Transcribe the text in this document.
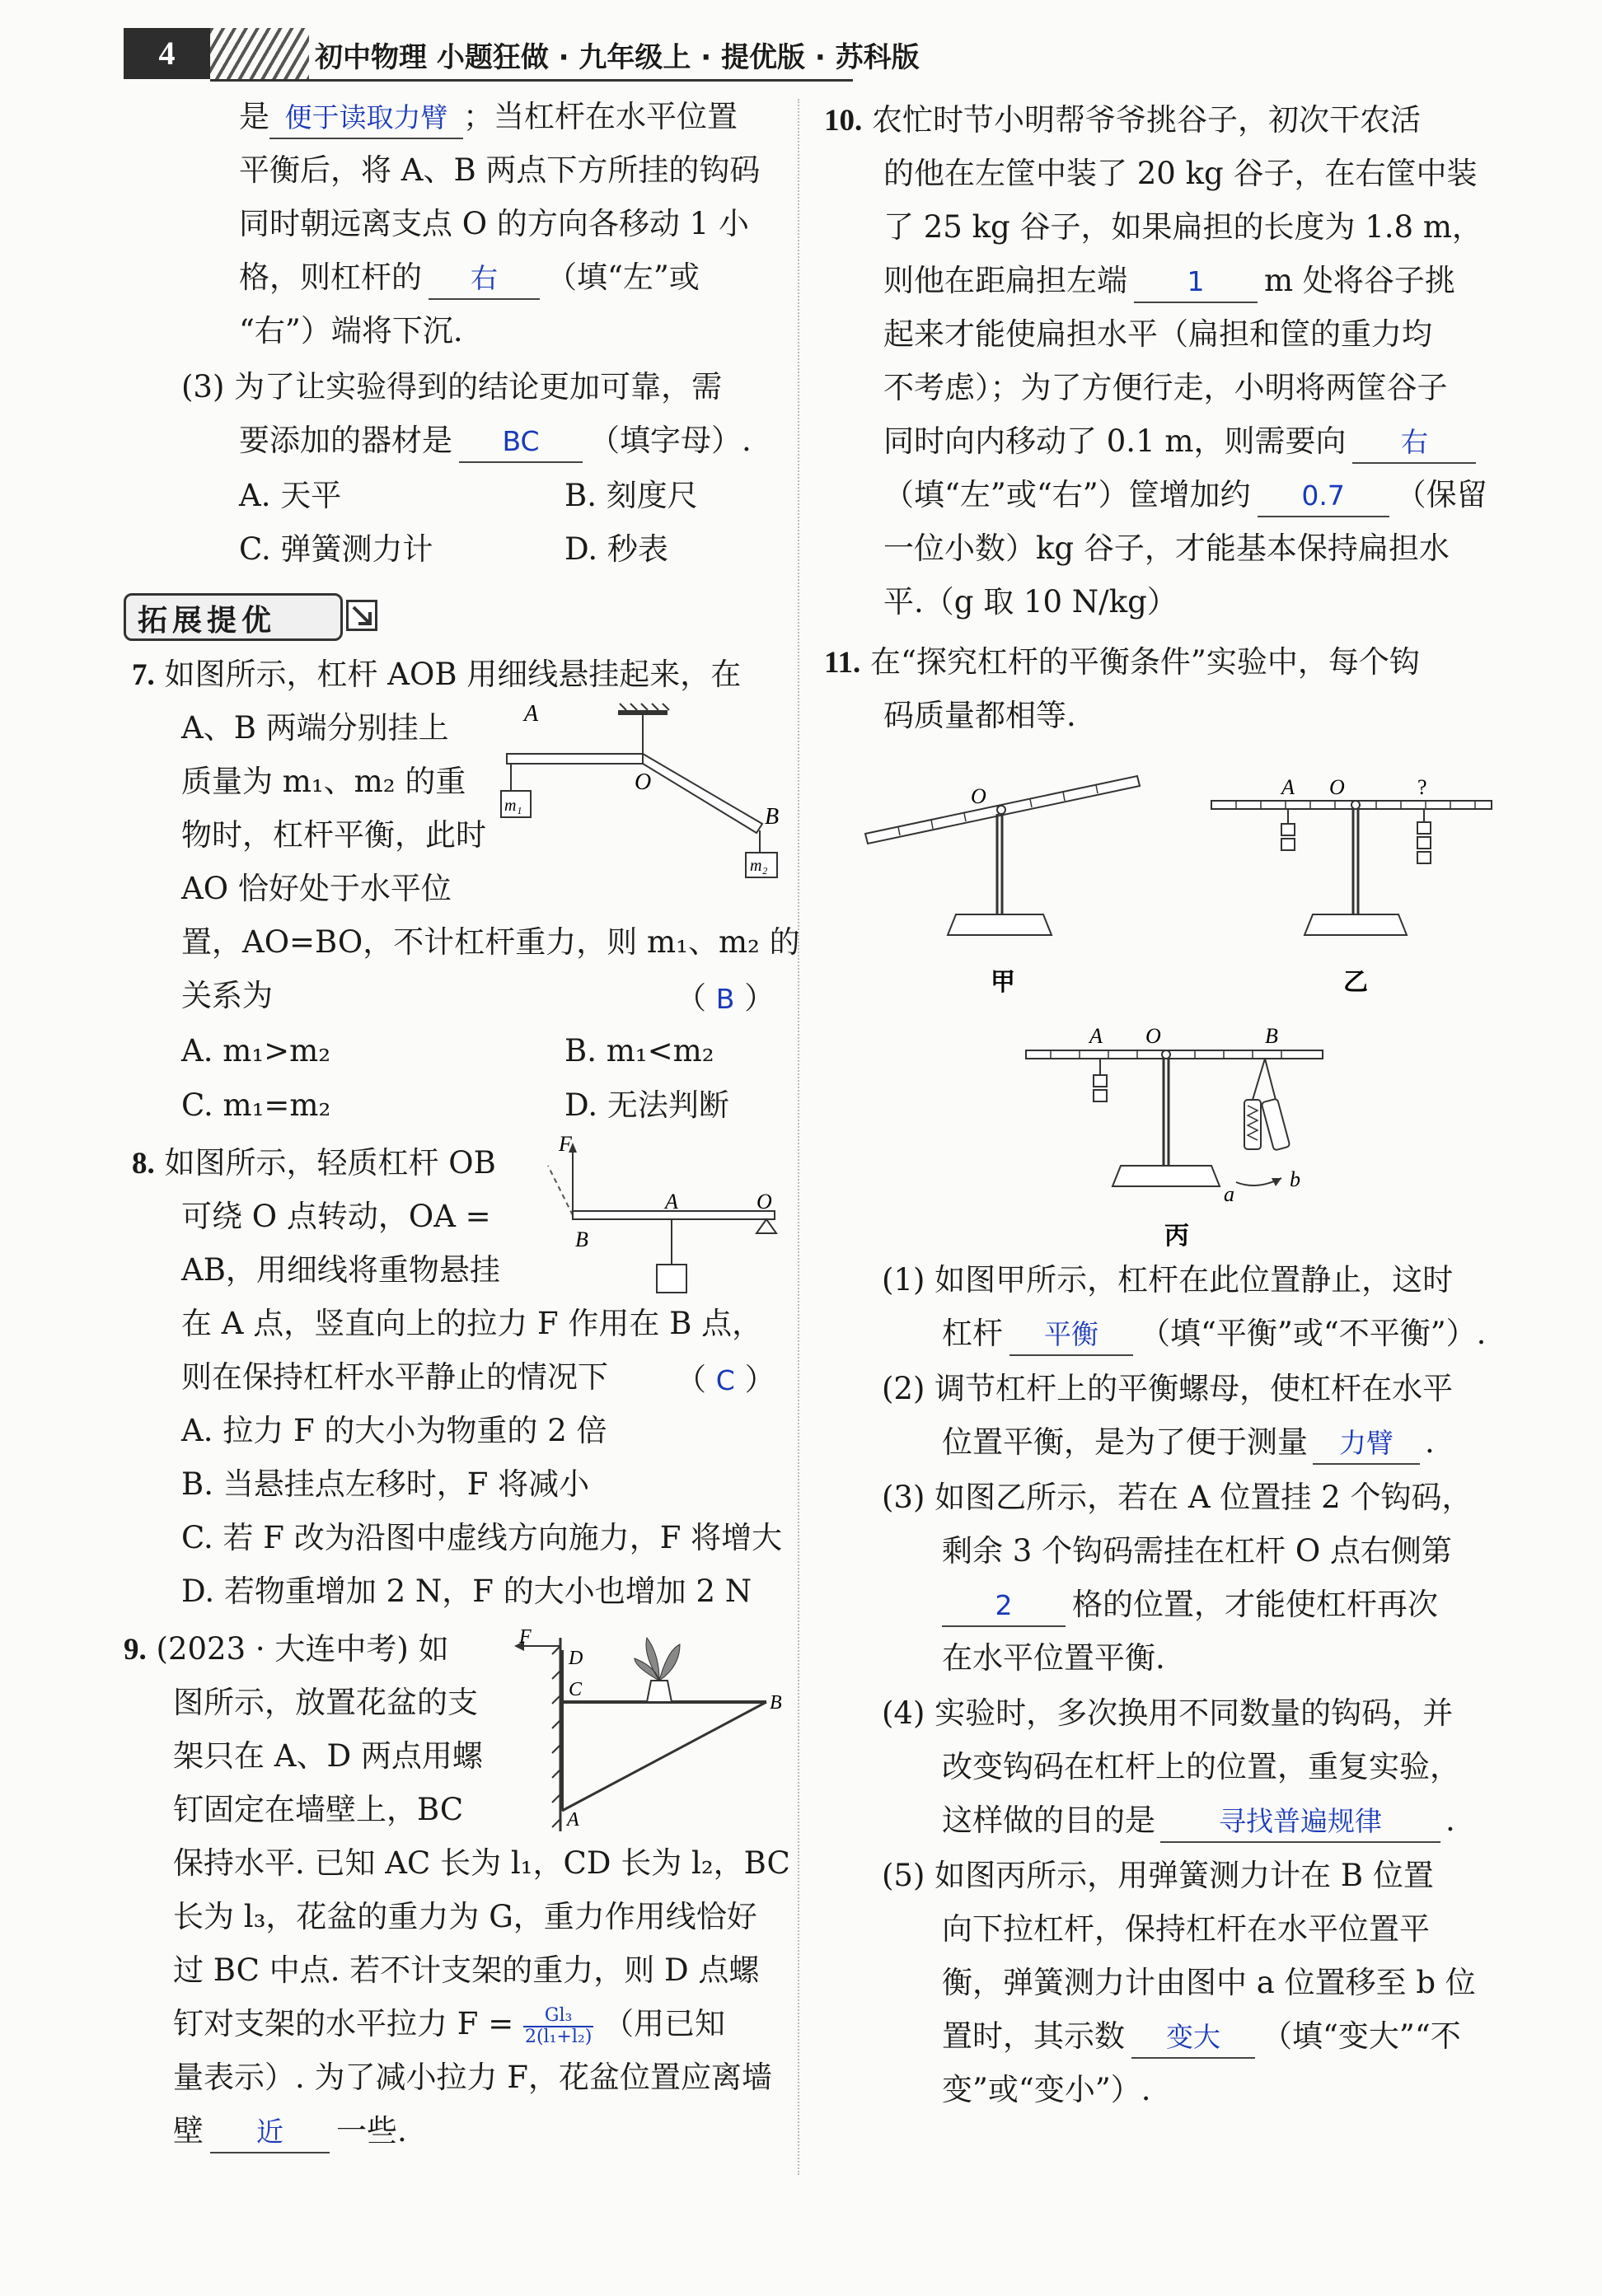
4	初中物理 小题狂做 · 九年级上 · 提优版 · 苏科版
是 便于读取力臂 ；当杠杆在水平位置
平衡后，将 A、B 两点下方所挂的钩码
同时朝远离支点 O 的方向各移动 1 小
格，则杠杆的 右 （填“左”或
“右”）端将下沉.
(3) 为了让实验得到的结论更加可靠，需
要添加的器材是 BC （填字母）.
A. 天平	B. 刻度尺
C. 弹簧测力计	D. 秒表
拓展提优
7. 如图所示，杠杆 AOB 用细线悬挂起来，在
A、B 两端分别挂上
质量为 m₁、m₂ 的重
物时，杠杆平衡，此时
AO 恰好处于水平位
置，AO=BO，不计杠杆重力，则 m₁、m₂ 的
关系为	（ B ）
A. m₁>m₂	B. m₁<m₂
C. m₁=m₂	D. 无法判断
A
O
B
m₁
m₂
8. 如图所示，轻质杠杆 OB
可绕 O 点转动，OA =
AB，用细线将重物悬挂
在 A 点，竖直向上的拉力 F 作用在 B 点，
则在保持杠杆水平静止的情况下 （ C ）
A. 拉力 F 的大小为物重的 2 倍
B. 当悬挂点左移时，F 将减小
C. 若 F 改为沿图中虚线方向施力，F 将增大
D. 若物重增加 2 N，F 的大小也增加 2 N
F
B
A	O
9. (2023 · 大连中考) 如
图所示，放置花盆的支
架只在 A、D 两点用螺
钉固定在墙壁上，BC
保持水平. 已知 AC 长为 l₁，CD 长为 l₂，BC
长为 l₃，花盆的重力为 G，重力作用线恰好
过 BC 中点. 若不计支架的重力，则 D 点螺
钉对支架的水平拉力 $F = \frac{\text{Gl₃}}{\text{2(l₁+l₂)}}$ （用已知
量表示）. 为了减小拉力 F，花盆位置应离墙
壁 近 一些.
F
D
C
B
A
10. 农忙时节小明帮爷爷挑谷子，初次干农活
的他在左筐中装了 20 kg 谷子，在右筐中装
了 25 kg 谷子，如果扁担的长度为 1.8 m，
则他在距扁担左端 1 m 处将谷子挑
起来才能使扁担水平（扁担和筐的重力均
不考虑）；为了方便行走，小明将两筐谷子
同时向内移动了 0.1 m，则需要向 右
（填“左”或“右”）筐增加约 0.7 （保留
一位小数）kg 谷子，才能基本保持扁担水
平.（g 取 10 N/kg）
11. 在“探究杠杆的平衡条件”实验中，每个钩
码质量都相等.
O
甲
A O	?
乙
A O	B
a
b
丙
(1) 如图甲所示，杠杆在此位置静止，这时
杠杆 平衡 （填“平衡”或“不平衡”）.
(2) 调节杠杆上的平衡螺母，使杠杆在水平
位置平衡，是为了便于测量 力臂 .
(3) 如图乙所示，若在 A 位置挂 2 个钩码，
剩余 3 个钩码需挂在杠杆 O 点右侧第
2 格的位置，才能使杠杆再次
在水平位置平衡.
(4) 实验时，多次换用不同数量的钩码，并
改变钩码在杠杆上的位置，重复实验，
这样做的目的是 寻找普遍规律 .
(5) 如图丙所示，用弹簧测力计在 B 位置
向下拉杠杆，保持杠杆在水平位置平
衡，弹簧测力计由图中 a 位置移至 b 位
置时，其示数 变大 （填“变大”“不
变”或“变小”）.
